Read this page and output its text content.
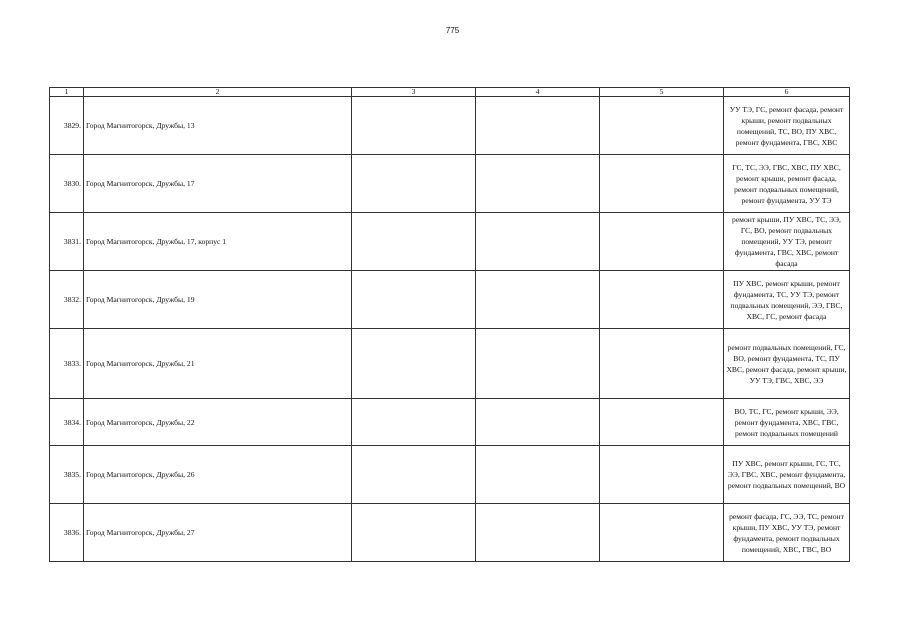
775
1	2	3	4	5	6
3829.	Город Магнитогорск, Дружбы, 13				УУ ТЭ, ГС, ремонт фасада, ремонт крыши, ремонт подвальных помещений, ТС, ВО, ПУ ХВС, ремонт фундамента, ГВС, ХВС
3830.	Город Магнитогорск, Дружбы, 17				ГС, ТС, ЭЭ, ГВС, ХВС, ПУ ХВС, ремонт крыши, ремонт фасада, ремонт подвальных помещений, ремонт фундамента, УУ ТЭ
3831.	Город Магнитогорск, Дружбы, 17, корпус 1				ремонт крыши, ПУ ХВС, ТС, ЭЭ, ГС, ВО, ремонт подвальных помещений, УУ ТЭ, ремонт фундамента, ГВС, ХВС, ремонт фасада
3832.	Город Магнитогорск, Дружбы, 19				ПУ ХВС, ремонт крыши, ремонт фундамента, ТС, УУ ТЭ, ремонт подвальных помещений, ЭЭ, ГВС, ХВС, ГС, ремонт фасада
3833.	Город Магнитогорск, Дружбы, 21				ремонт подвальных помещений, ГС, ВО, ремонт фундамента, ТС, ПУ ХВС, ремонт фасада, ремонт крыши, УУ ТЭ, ГВС, ХВС, ЭЭ
3834.	Город Магнитогорск, Дружбы, 22				ВО, ТС, ГС, ремонт крыши, ЭЭ, ремонт фундамента, ХВС, ГВС, ремонт подвальных помещений
3835.	Город Магнитогорск, Дружбы, 26				ПУ ХВС, ремонт крыши, ГС, ТС, ЭЭ, ГВС, ХВС, ремонт фундамента, ремонт подвальных помещений, ВО
3836.	Город Магнитогорск, Дружбы, 27				ремонт фасада, ГС, ЭЭ, ТС, ремонт крыши, ПУ ХВС, УУ ТЭ, ремонт фундамента, ремонт подвальных помещений, ХВС, ГВС, ВО
